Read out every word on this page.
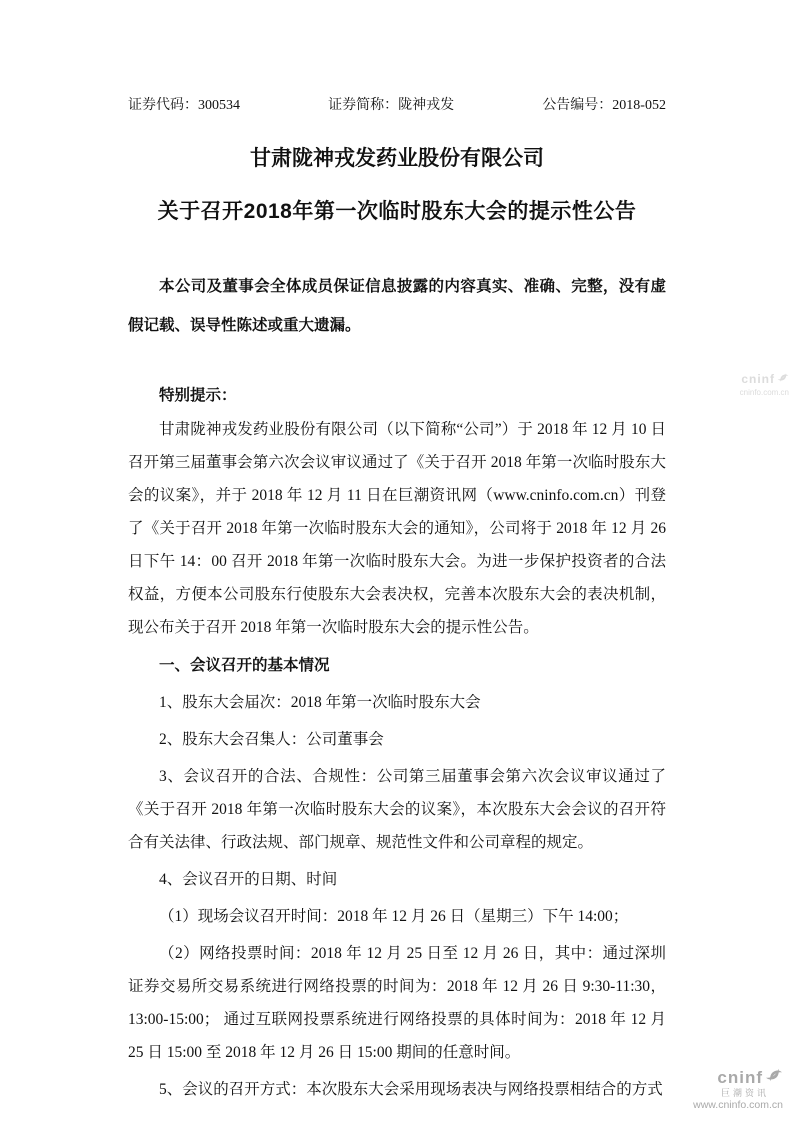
cninf
cninfo.com.cn
证券代码：300534	证券简称：陇神戎发	公告编号：2018-052
甘肃陇神戎发药业股份有限公司
关于召开2018年第一次临时股东大会的提示性公告
本公司及董事会全体成员保证信息披露的内容真实、准确、完整，没有虚假记载、误导性陈述或重大遗漏。
特别提示：
甘肃陇神戎发药业股份有限公司（以下简称“公司”）于 2018 年 12 月 10 日召开第三届董事会第六次会议审议通过了《关于召开 2018 年第一次临时股东大会的议案》，并于 2018 年 12 月 11 日在巨潮资讯网（www.cninfo.com.cn）刊登了《关于召开 2018 年第一次临时股东大会的通知》，公司将于 2018 年 12 月 26 日下午 14：00 召开 2018 年第一次临时股东大会。为进一步保护投资者的合法权益，方便本公司股东行使股东大会表决权，完善本次股东大会的表决机制，现公布关于召开 2018 年第一次临时股东大会的提示性公告。
一、会议召开的基本情况
1、股东大会届次：2018 年第一次临时股东大会
2、股东大会召集人：公司董事会
3、会议召开的合法、合规性：公司第三届董事会第六次会议审议通过了《关于召开 2018 年第一次临时股东大会的议案》，本次股东大会会议的召开符合有关法律、行政法规、部门规章、规范性文件和公司章程的规定。
4、会议召开的日期、时间
（1）现场会议召开时间：2018 年 12 月 26 日（星期三）下午 14:00；
（2）网络投票时间：2018 年 12 月 25 日至 12 月 26 日，其中：通过深圳证券交易所交易系统进行网络投票的时间为：2018 年 12 月 26 日 9:30-11:30，13:00-15:00； 通过互联网投票系统进行网络投票的具体时间为：2018 年 12 月 25 日 15:00 至 2018 年 12 月 26 日 15:00 期间的任意时间。
5、会议的召开方式：本次股东大会采用现场表决与网络投票相结合的方式
cninf
巨潮资讯
www.cninfo.com.cn
